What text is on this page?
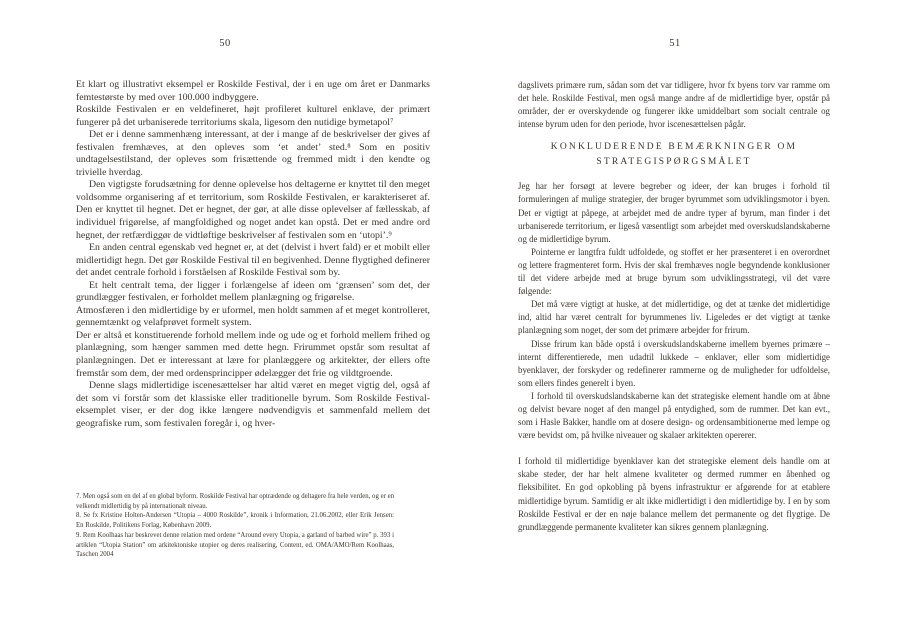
50	51

Et klart og illustrativt eksempel er Roskilde Festival, der i en uge om året er Danmarks femtestørste by med over 100.000 indbyggere.

Roskilde Festivalen er en veldefineret, højt profileret kulturel enklave, der primært fungerer på det urbaniserede territoriums skala, ligesom den nutidige bymetapol⁷

Det er i denne sammenhæng interessant, at der i mange af de beskrivelser der gives af festivalen fremhæves, at den opleves som ‘et andet’ sted.⁸ Som en positiv undtagelsestilstand, der opleves som frisættende og fremmed midt i den kendte og trivielle hverdag.

Den vigtigste forudsætning for denne oplevelse hos deltagerne er knyttet til den meget voldsomme organisering af et territorium, som Roskilde Festivalen, er karakteriseret af. Den er knyttet til hegnet. Det er hegnet, der gør, at alle disse oplevelser af fællesskab, af individuel frigørelse, af mangfoldighed og noget andet kan opstå. Det er med andre ord hegnet, der retfærdiggør de vidtløftige beskrivelser af festivalen som en ‘utopi’.⁹

En anden central egenskab ved hegnet er, at det (delvist i hvert fald) er et mobilt eller midlertidigt hegn. Det gør Roskilde Festival til en begivenhed. Denne flygtighed definerer det andet centrale forhold i forståelsen af Roskilde Festival som by.

Et helt centralt tema, der ligger i forlængelse af ideen om ‘grænsen’ som det, der grundlægger festivalen, er forholdet mellem planlægning og frigørelse.

Atmosfæren i den midlertidige by er uformel, men holdt sammen af et meget kontrolleret, gennemtænkt og velafprøvet formelt system.

Der er altså et konstituerende forhold mellem inde og ude og et forhold mellem frihed og planlægning, som hænger sammen med dette hegn. Frirummet opstår som resultat af planlægningen. Det er interessant at lære for planlæggere og arkitekter, der ellers ofte fremstår som dem, der med ordensprincipper ødelægger det frie og vildtgroende.

Denne slags midlertidige iscenesættelser har altid været en meget vigtig del, også af det som vi forstår som det klassiske eller traditionelle byrum. Som Roskilde Festival-eksemplet viser, er der dog ikke længere nødvendigvis et sammenfald mellem det geografiske rum, som festivalen foregår i, og hver-

7. Men også som en del af en global byform. Roskilde Festival har optrædende og deltagere fra hele verden, og er en velkendt midlertidig by på internationalt niveau.

8. Se fx Kristine Holten-Andersen “Utopia – 4000 Roskilde”, kronik i Information, 21.06.2002, eller Erik Jensen: En Roskilde, Politikens Forlag, København 2009.

9. Rem Koolhaas har beskrevet denne relation med ordene “Around every Utopia, a garland of barbed wire” p. 393 i artiklen “Utopia Station” om arkitektoniske utopier og deres realisering, Content, ed. OMA/AMO/Rem Koolhaas, Taschen 2004

dagslivets primære rum, sådan som det var tidligere, hvor fx byens torv var ramme om det hele. Roskilde Festival, men også mange andre af de midlertidige byer, opstår på områder, der er overskydende og fungerer ikke umiddelbart som socialt centrale og intense byrum uden for den periode, hvor iscenesættelsen pågår.

KONKLUDERENDE BEMÆRKNINGER OM STRATEGISPØRGSMÅLET

Jeg har her forsøgt at levere begreber og ideer, der kan bruges i forhold til formuleringen af mulige strategier, der bruger byrummet som udviklingsmotor i byen. Det er vigtigt at påpege, at arbejdet med de andre typer af byrum, man finder i det urbaniserede territorium, er ligeså væsentligt som arbejdet med overskudslandskaberne og de midlertidige byrum.

Pointerne er langtfra fuldt udfoldede, og stoffet er her præsenteret i en overordnet og lettere fragmenteret form. Hvis der skal fremhæves nogle begyndende konklusioner til det videre arbejde med at bruge byrum som udviklingsstrategi, vil det være følgende:

Det må være vigtigt at huske, at det midlertidige, og det at tænke det midlertidige ind, altid har været centralt for byrummenes liv. Ligeledes er det vigtigt at tænke planlægning som noget, der som det primære arbejder for frirum.

Disse frirum kan både opstå i overskudslandskaberne imellem byernes primære – internt differentierede, men udadtil lukkede – enklaver, eller som midlertidige byenklaver, der forskyder og redefinerer rammerne og de muligheder for udfoldelse, som ellers findes generelt i byen.

I forhold til overskudslandskaberne kan det strategiske element handle om at åbne og delvist bevare noget af den mangel på entydighed, som de rummer. Det kan evt., som i Hasle Bakker, handle om at dosere design- og ordensambitionerne med lempe og være bevidst om, på hvilke niveauer og skalaer arkitekten opererer.

I forhold til midlertidige byenklaver kan det strategiske element dels handle om at skabe steder, der har helt almene kvaliteter og dermed rummer en åbenhed og fleksibilitet. En god opkobling på byens infrastruktur er afgørende for at etablere midlertidige byrum. Samtidig er alt ikke midlertidigt i den midlertidige by. I en by som Roskilde Festival er der en nøje balance mellem det permanente og det flygtige. De grundlæggende permanente kvaliteter kan sikres gennem planlægning.
